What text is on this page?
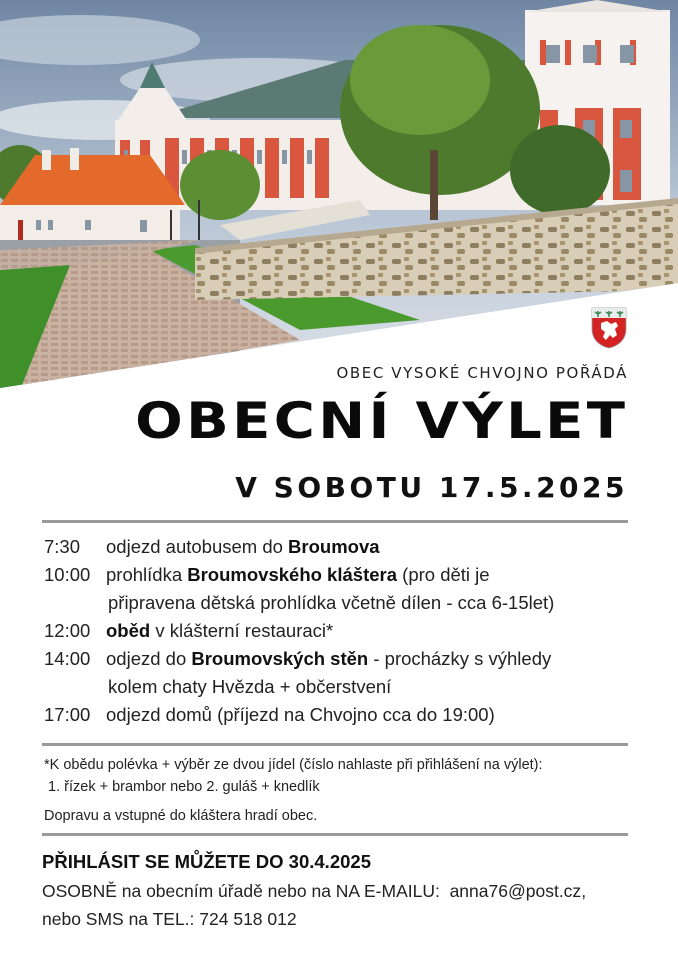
OBEC VYSOKÉ CHVOJNO POŘÁDÁ
OBECNÍ VÝLET
V SOBOTU 17.5.2025
7:30	odjezd autobusem do Broumova
10:00 prohlídka Broumovského kláštera (pro děti je
připravena dětská prohlídka včetně dílen - cca 6-15let)
12:00 oběd v klášterní restauraci*
14:00 odjezd do Broumovských stěn - procházky s výhledy
kolem chaty Hvězda + občerstvení
17:00 odjezd domů (příjezd na Chvojno cca do 19:00)
*K obědu polévka + výběr ze dvou jídel (číslo nahlaste při přihlášení na výlet):
1. řízek + brambor nebo 2. guláš + knedlík
Dopravu a vstupné do kláštera hradí obec.
PŘIHLÁSIT SE MŮŽETE DO 30.4.2025
OSOBNĚ na obecním úřadě nebo na NA E-MAILU:  anna76@post.cz,
nebo SMS na TEL.: 724 518 012
